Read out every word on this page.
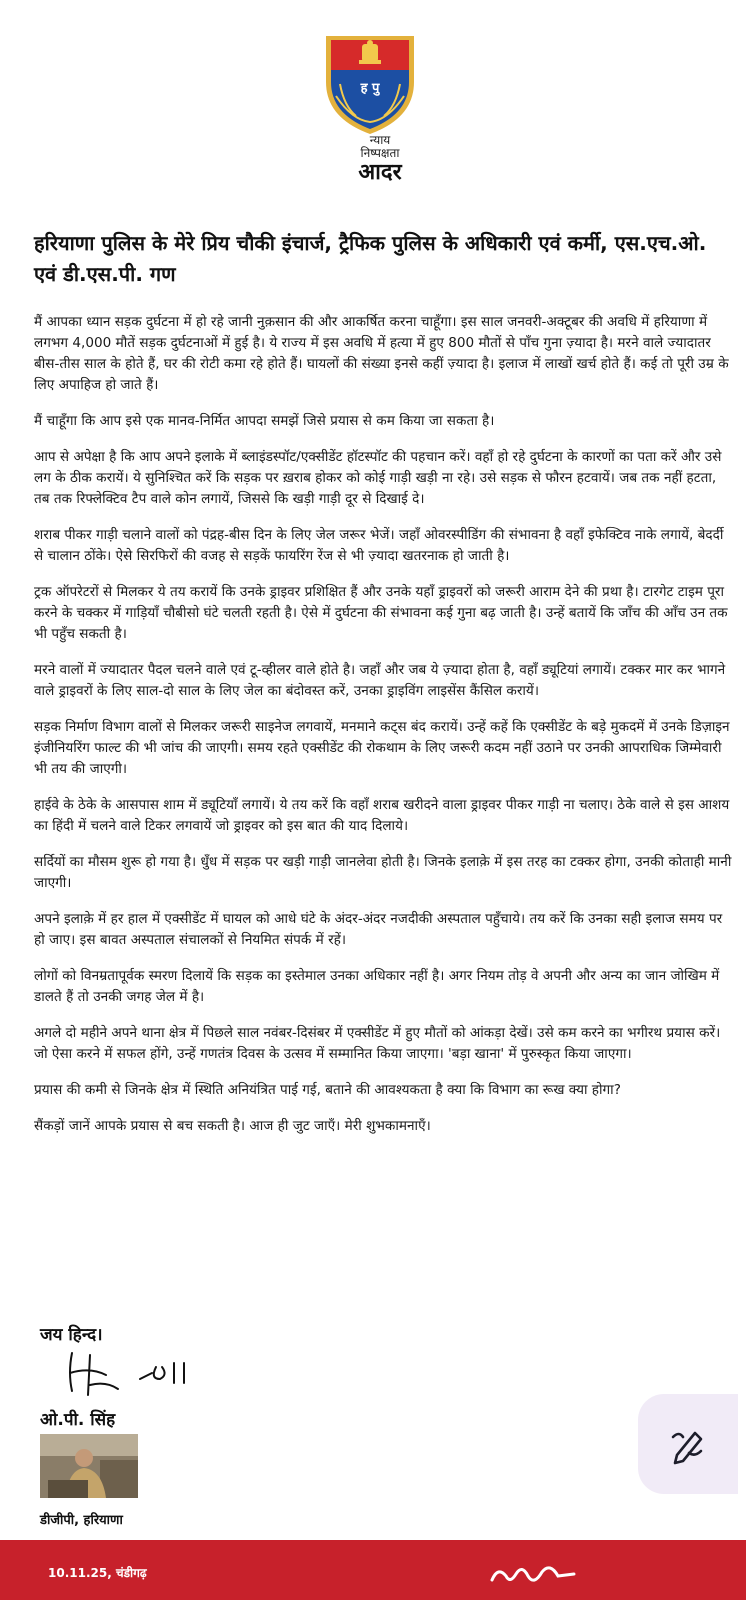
ह पु
न्याय
निष्पक्षता
आदर
हरियाणा पुलिस के मेरे प्रिय चौकी इंचार्ज, ट्रैफिक पुलिस के अधिकारी एवं कर्मी, एस.एच.ओ. एवं डी.एस.पी. गण

मैं आपका ध्यान सड़क दुर्घटना में हो रहे जानी नुक़सान की और आकर्षित करना चाहूँगा। इस साल जनवरी-अक्टूबर की अवधि में हरियाणा में लगभग 4,000 मौतें सड़क दुर्घटनाओं में हुई है। ये राज्य में इस अवधि में हत्या में हुए 800 मौतों से पाँच गुना ज़्यादा है। मरने वाले ज्यादातर बीस-तीस साल के होते हैं, घर की रोटी कमा रहे होते हैं। घायलों की संख्या इनसे कहीं ज़्यादा है। इलाज में लाखों खर्च होते हैं। कई तो पूरी उम्र के लिए अपाहिज हो जाते हैं।

मैं चाहूँगा कि आप इसे एक मानव-निर्मित आपदा समझें जिसे प्रयास से कम किया जा सकता है।

आप से अपेक्षा है कि आप अपने इलाके में ब्लाइंडस्पॉट/एक्सीडेंट हॉटस्पॉट की पहचान करें। वहाँ हो रहे दुर्घटना के कारणों का पता करें और उसे लग के ठीक करायें। ये सुनिश्चित करें कि सड़क पर ख़राब होकर को कोई गाड़ी खड़ी ना रहे। उसे सड़क से फौरन हटवायें। जब तक नहीं हटता, तब तक रिफ्लेक्टिव टैप वाले कोन लगायें, जिससे कि खड़ी गाड़ी दूर से दिखाई दे।

शराब पीकर गाड़ी चलाने वालों को पंद्रह-बीस दिन के लिए जेल जरूर भेजें। जहाँ ओवरस्पीडिंग की संभावना है वहाँ इफेक्टिव नाके लगायें, बेदर्दी से चालान ठोंके। ऐसे सिरफिरों की वजह से सड़कें फायरिंग रेंज से भी ज़्यादा खतरनाक हो जाती है।

ट्रक ऑपरेटरों से मिलकर ये तय करायें कि उनके ड्राइवर प्रशिक्षित हैं और उनके यहाँ ड्राइवरों को जरूरी आराम देने की प्रथा है। टारगेट टाइम पूरा करने के चक्कर में गाड़ियाँ चौबीसो घंटे चलती रहती है। ऐसे में दुर्घटना की संभावना कई गुना बढ़ जाती है। उन्हें बतायें कि जाँच की आँच उन तक भी पहुँच सकती है।

मरने वालों में ज्यादातर पैदल चलने वाले एवं टू-व्हीलर वाले होते है। जहाँ और जब ये ज़्यादा होता है, वहाँ ड्यूटियां लगायें। टक्कर मार कर भागने वाले ड्राइवरों के लिए साल-दो साल के लिए जेल का बंदोवस्त करें, उनका ड्राइविंग लाइसेंस कैंसिल करायें।

सड़क निर्माण विभाग वालों से मिलकर जरूरी साइनेज लगवायें, मनमाने कट्स बंद करायें। उन्हें कहें कि एक्सीडेंट के बड़े मुकदमें में उनके डिज़ाइन इंजीनियरिंग फाल्ट की भी जांच की जाएगी। समय रहते एक्सीडेंट की रोकथाम के लिए जरूरी कदम नहीं उठाने पर उनकी आपराधिक जिम्मेवारी भी तय की जाएगी।

हाईवे के ठेके के आसपास शाम में ड्यूटियाँ लगायें। ये तय करें कि वहाँ शराब खरीदने वाला ड्राइवर पीकर गाड़ी ना चलाए। ठेके वाले से इस आशय का हिंदी में चलने वाले टिकर लगवायें जो ड्राइवर को इस बात की याद दिलाये।

सर्दियों का मौसम शुरू हो गया है। धुँध में सड़क पर खड़ी गाड़ी जानलेवा होती है। जिनके इलाक़े में इस तरह का टक्कर होगा, उनकी कोताही मानी जाएगी।

अपने इलाक़े में हर हाल में एक्सीडेंट में घायल को आधे घंटे के अंदर-अंदर नजदीकी अस्पताल पहुँचाये। तय करें कि उनका सही इलाज समय पर हो जाए। इस बावत अस्पताल संचालकों से नियमित संपर्क में रहें।

लोगों को विनम्रतापूर्वक स्मरण दिलायें कि सड़क का इस्तेमाल उनका अधिकार नहीं है। अगर नियम तोड़ वे अपनी और अन्य का जान जोखिम में डालते हैं तो उनकी जगह जेल में है।

अगले दो महीने अपने थाना क्षेत्र में पिछले साल नवंबर-दिसंबर में एक्सीडेंट में हुए मौतों को आंकड़ा देखें। उसे कम करने का भगीरथ प्रयास करें। जो ऐसा करने में सफल होंगे, उन्हें गणतंत्र दिवस के उत्सव में सम्मानित किया जाएगा। 'बड़ा खाना' में पुरुस्कृत किया जाएगा।

प्रयास की कमी से जिनके क्षेत्र में स्थिति अनियंत्रित पाई गई, बताने की आवश्यकता है क्या कि विभाग का रूख क्या होगा?

सैंकड़ों जानें आपके प्रयास से बच सकती है। आज ही जुट जाएँ। मेरी शुभकामनाएँ।

जय हिन्द।
ओ.पी. सिंह
डीजीपी, हरियाणा
10.11.25, चंडीगढ़
